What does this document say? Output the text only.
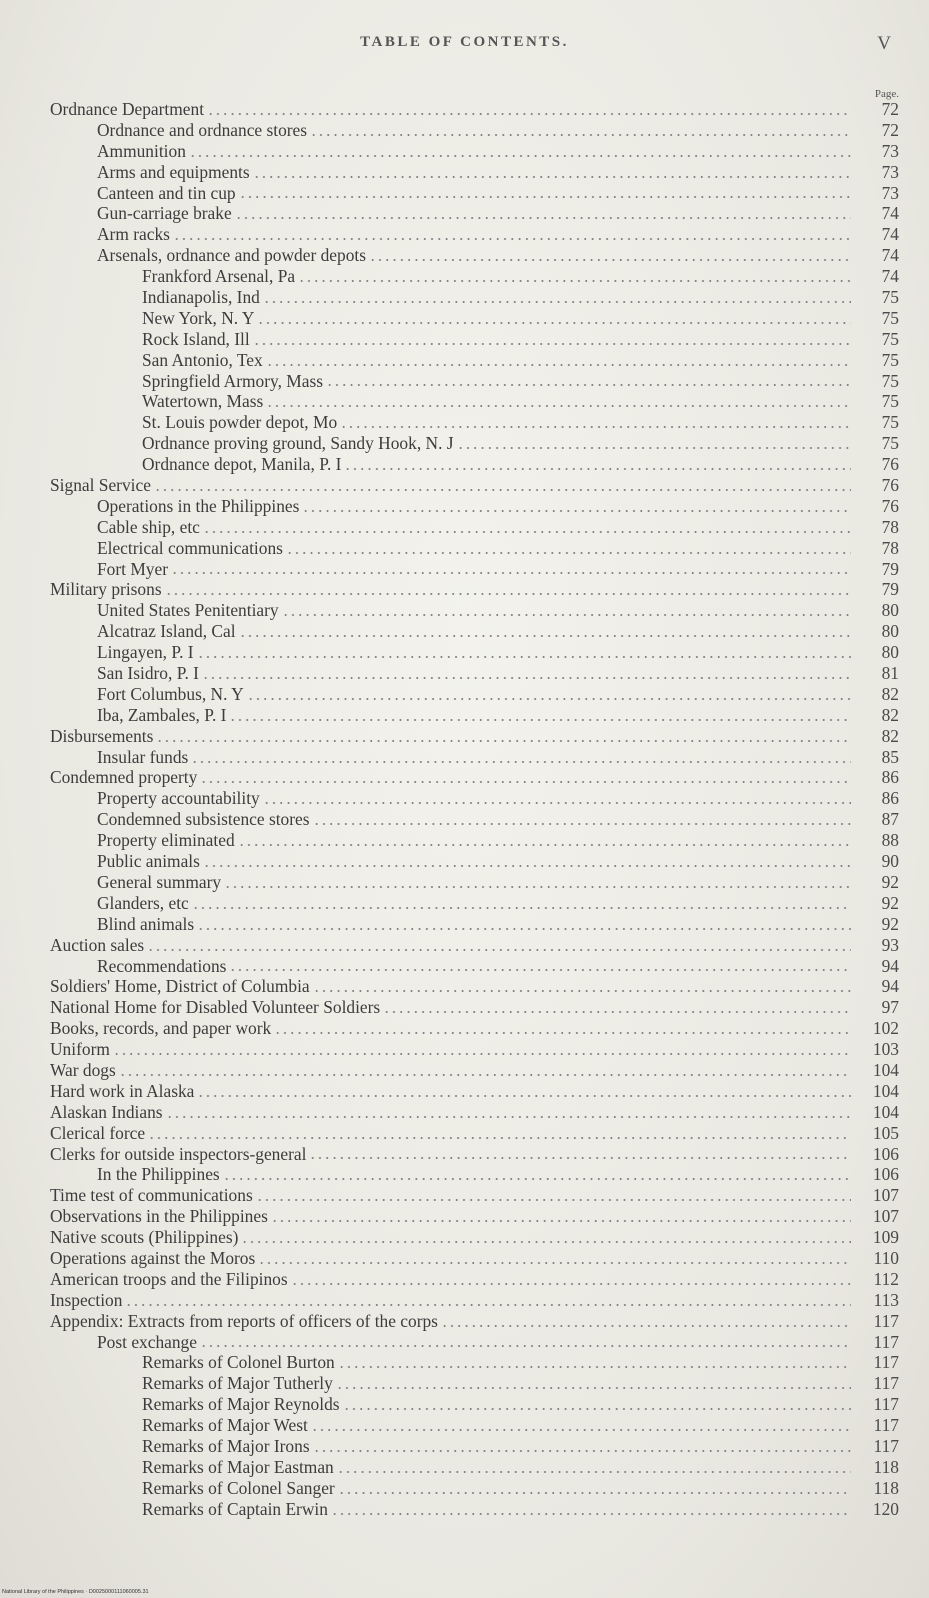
TABLE OF CONTENTS.	V
Page.
Ordnance Department	72
Ordnance and ordnance stores	72
Ammunition	73
Arms and equipments	73
Canteen and tin cup	73
Gun-carriage brake	74
Arm racks	74
Arsenals, ordnance and powder depots	74
Frankford Arsenal, Pa	74
Indianapolis, Ind	75
New York, N. Y	75
Rock Island, Ill	75
San Antonio, Tex	75
Springfield Armory, Mass	75
Watertown, Mass	75
St. Louis powder depot, Mo	75
Ordnance proving ground, Sandy Hook, N. J	75
Ordnance depot, Manila, P. I	76
Signal Service	76
Operations in the Philippines	76
Cable ship, etc	78
Electrical communications	78
Fort Myer	79
Military prisons	79
United States Penitentiary	80
Alcatraz Island, Cal	80
Lingayen, P. I	80
San Isidro, P. I	81
Fort Columbus, N. Y	82
Iba, Zambales, P. I	82
Disbursements	82
Insular funds	85
Condemned property	86
Property accountability	86
Condemned subsistence stores	87
Property eliminated	88
Public animals	90
General summary	92
Glanders, etc	92
Blind animals	92
Auction sales	93
Recommendations	94
Soldiers' Home, District of Columbia	94
National Home for Disabled Volunteer Soldiers	97
Books, records, and paper work	102
Uniform	103
War dogs	104
Hard work in Alaska	104
Alaskan Indians	104
Clerical force	105
Clerks for outside inspectors-general	106
In the Philippines	106
Time test of communications	107
Observations in the Philippines	107
Native scouts (Philippines)	109
Operations against the Moros	110
American troops and the Filipinos	112
Inspection	113
Appendix: Extracts from reports of officers of the corps	117
Post exchange	117
Remarks of Colonel Burton	117
Remarks of Major Tutherly	117
Remarks of Major Reynolds	117
Remarks of Major West	117
Remarks of Major Irons	117
Remarks of Major Eastman	118
Remarks of Colonel Sanger	118
Remarks of Captain Erwin	120
National Library of the Philippines · D0025000111060005.31
